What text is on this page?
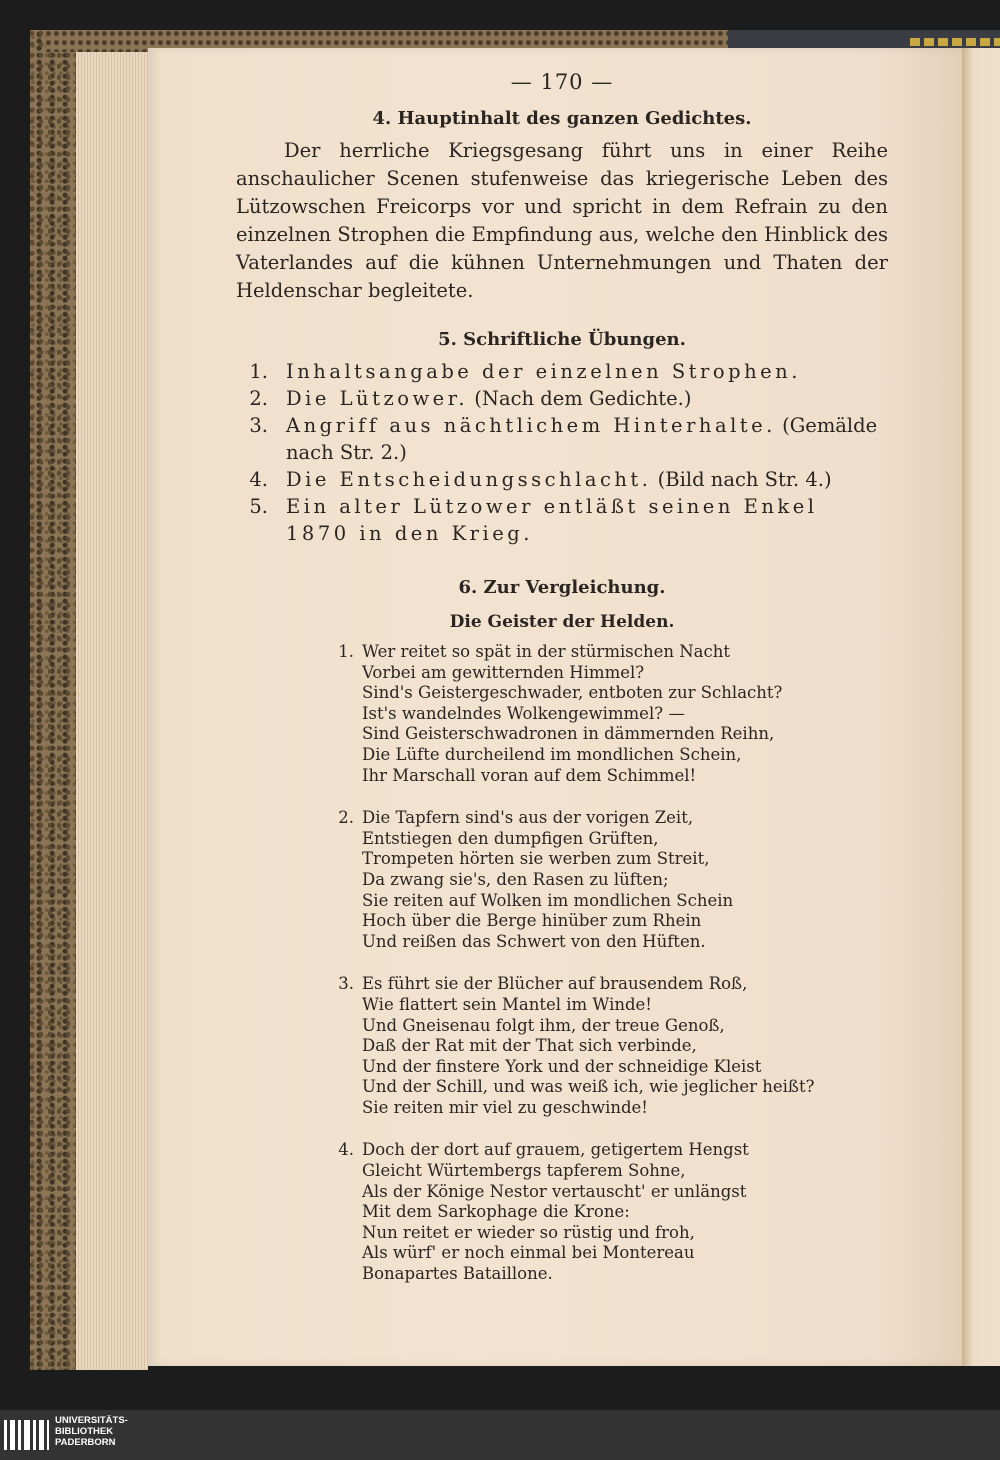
— 170 —
4. Hauptinhalt des ganzen Gedichtes.
Der herrliche Kriegsgesang führt uns in einer Reihe anschaulicher Scenen stufenweise das kriegerische Leben des Lützowschen Freicorps vor und spricht in dem Refrain zu den einzelnen Strophen die Empfindung aus, welche den Hinblick des Vaterlandes auf die kühnen Unternehmungen und Thaten der Heldenschar begleitete.
5. Schriftliche Übungen.
1. Inhaltsangabe der einzelnen Strophen.
2. Die Lützower. (Nach dem Gedichte.)
3. Angriff aus nächtlichem Hinterhalte. (Gemälde nach Str. 2.)
4. Die Entscheidungsschlacht. (Bild nach Str. 4.)
5. Ein alter Lützower entläßt seinen Enkel 1870 in den Krieg.
6. Zur Vergleichung.
Die Geister der Helden.
1. Wer reitet so spät in der stürmischen Nacht
Vorbei am gewitternden Himmel?
Sind's Geistergeschwader, entboten zur Schlacht?
Ist's wandelndes Wolkengewimmel? —
Sind Geisterschwadronen in dämmernden Reihn,
Die Lüfte durcheilend im mondlichen Schein,
Ihr Marschall voran auf dem Schimmel!
2. Die Tapfern sind's aus der vorigen Zeit,
Entstiegen den dumpfigen Grüften,
Trompeten hörten sie werben zum Streit,
Da zwang sie's, den Rasen zu lüften;
Sie reiten auf Wolken im mondlichen Schein
Hoch über die Berge hinüber zum Rhein
Und reißen das Schwert von den Hüften.
3. Es führt sie der Blücher auf brausendem Roß,
Wie flattert sein Mantel im Winde!
Und Gneisenau folgt ihm, der treue Genoß,
Daß der Rat mit der That sich verbinde,
Und der finstere York und der schneidige Kleist
Und der Schill, und was weiß ich, wie jeglicher heißt?
Sie reiten mir viel zu geschwinde!
4. Doch der dort auf grauem, getigertem Hengst
Gleicht Würtembergs tapferem Sohne,
Als der Könige Nestor vertauscht' er unlängst
Mit dem Sarkophage die Krone:
Nun reitet er wieder so rüstig und froh,
Als würf' er noch einmal bei Montereau
Bonapartes Bataillone.
UNIVERSITÄTS-
BIBLIOTHEK
PADERBORN
